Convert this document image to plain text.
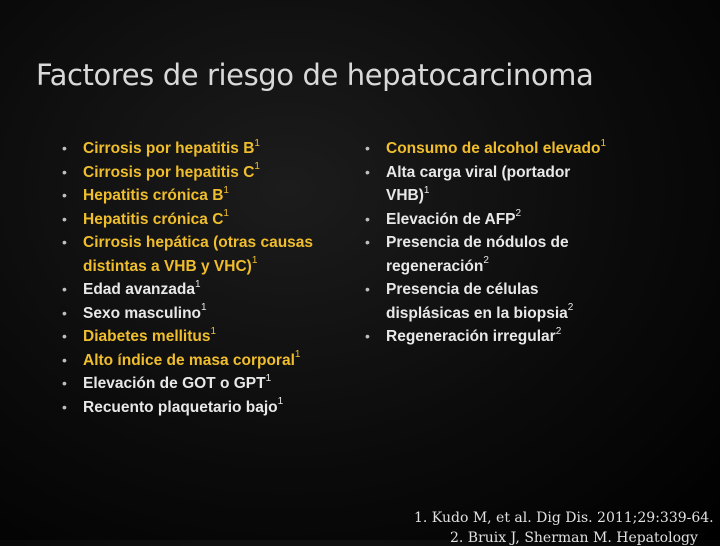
Factores de riesgo de hepatocarcinoma
• Cirrosis por hepatitis $B^1$
• Cirrosis por hepatitis $C^1$
• Hepatitis crónica $B^1$
• Hepatitis crónica $C^1$
• Cirrosis hepática (otras causas distintas a VHB y VHC)$^1$
• Edad avanzada$^1$
• Sexo masculino$^1$
• Diabetes mellitus$^1$
• Alto índice de masa corporal$^1$
• Elevación de GOT o GPT$^1$
• Recuento plaquetario bajo$^1$
• Consumo de alcohol elevado$^1$
• Alta carga viral (portador VHB)$^1$
• Elevación de AFP$^2$
• Presencia de nódulos de regeneración$^2$
• Presencia de células displásicas en la biopsia$^2$
• Regeneración irregular$^2$
1. Kudo M, et al. Dig Dis. 2011;29:339-64.
2. Bruix J, Sherman M. Hepatology
